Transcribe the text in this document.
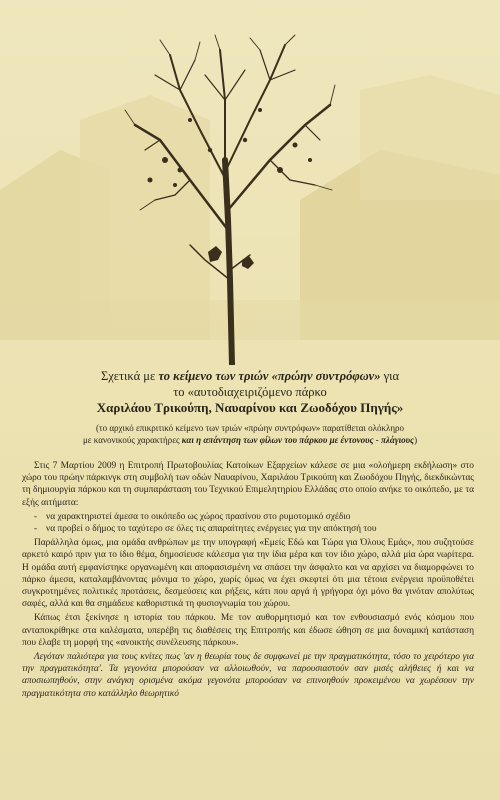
Σχετικά με το κείμενο των τριών «πρώην συντρόφων» για
το «αυτοδιαχειριζόμενο πάρκο
Χαριλάου Τρικούπη, Ναυαρίνου και Ζωοδόχου Πηγής»
(το αρχικό επικριτικό κείμενο των τριών «πρώην συντρόφων» παρατίθεται ολόκληρο
με κανονικούς χαρακτήρες και η απάντηση των φίλων του πάρκου με έντονους - πλάγιους)

Στις 7 Μαρτίου 2009 η Επιτροπή Πρωτοβουλίας Κατοίκων Εξαρχείων κάλεσε σε μια «ολοήμερη εκδήλωση» στο χώρο του πρώην πάρκινγκ στη συμβολή των οδών Ναυαρίνου, Χαριλάου Τρικούπη και Ζωοδόχου Πηγής, διεκδικώντας τη δημιουργία πάρκου και τη συμπαράσταση του Τεχνικού Επιμελητηρίου Ελλάδας στο οποίο ανήκε το οικόπεδο, με τα εξής αιτήματα:

- να χαρακτηριστεί άμεσα το οικόπεδο ως χώρος πρασίνου στο ρυμοτομικό σχέδιο
- να προβεί ο δήμος το ταχύτερο σε όλες τις απαραίτητες ενέργειες για την απόκτησή του

Παράλληλα όμως, μια ομάδα ανθρώπων με την υπογραφή «Εμείς Εδώ και Τώρα για Όλους Εμάς», που συζητούσε αρκετό καιρό πριν για το ίδιο θέμα, δημοσίευσε κάλεσμα για την ίδια μέρα και τον ίδιο χώρο, αλλά μία ώρα νωρίτερα. Η ομάδα αυτή εμφανίστηκε οργανωμένη και αποφασισμένη να σπάσει την άσφαλτο και να αρχίσει να διαμορφώνει το πάρκο άμεσα, καταλαμβάνοντας μόνιμα το χώρο, χωρίς όμως να έχει σκεφτεί ότι μια τέτοια ενέργεια προϋποθέτει συγκροτημένες πολιτικές προτάσεις, δεσμεύσεις και ρήξεις, κάτι που αργά ή γρήγορα όχι μόνο θα γινόταν απολύτως σαφές, αλλά και θα σημάδευε καθοριστικά τη φυσιογνωμία του χώρου.

Κάπως έτσι ξεκίνησε η ιστορία του πάρκου. Με τον αυθορμητισμό και τον ενθουσιασμό ενός κόσμου που ανταποκρίθηκε στα καλέσματα, υπερέβη τις διαθέσεις της Επιτροπής και έδωσε ώθηση σε μια δυναμική κατάσταση που έλαβε τη μορφή της «ανοικτής συνέλευσης πάρκου».

Λεγόταν παλιότερα για τους κνίτες πως 'αν η θεωρία τους δε συμφωνεί με την πραγματικότητα, τόσο το χειρότερο για την πραγματικότητα'. Τα γεγονότα μπορούσαν να αλλοιωθούν, να παρουσιαστούν σαν μισές αλήθειες ή και να αποσιωπηθούν, στην ανάγκη ορισμένα ακόμα γεγονότα μπορούσαν να επινοηθούν προκειμένου να χωρέσουν την πραγματικότητα στο κατάλληλο θεωρητικό
